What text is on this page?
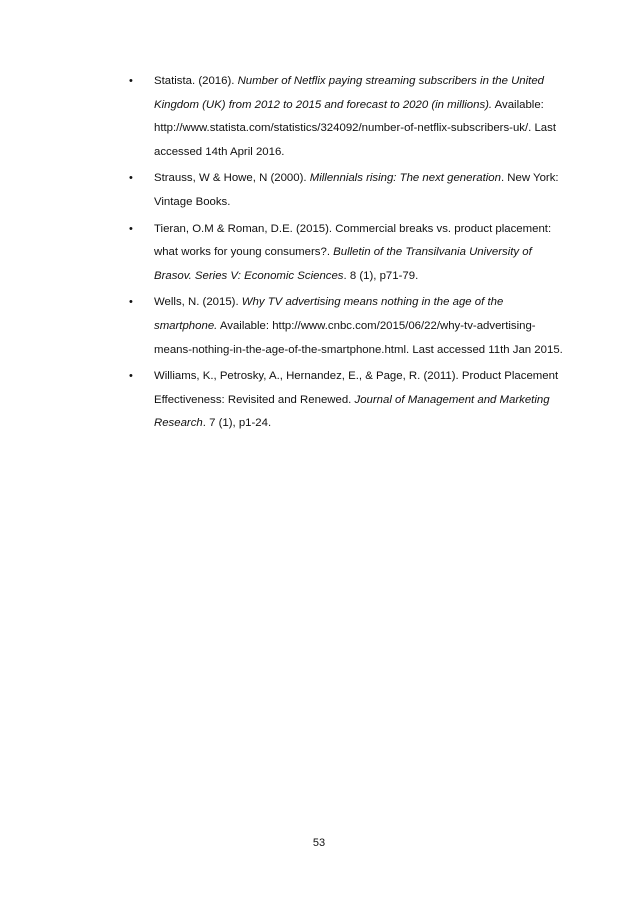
• Statista. (2016). Number of Netflix paying streaming subscribers in the United Kingdom (UK) from 2012 to 2015 and forecast to 2020 (in millions). Available: http://www.statista.com/statistics/324092/number-of-netflix-subscribers-uk/. Last accessed 14th April 2016.
• Strauss, W & Howe, N (2000). Millennials rising: The next generation. New York: Vintage Books.
• Tieran, O.M & Roman, D.E. (2015). Commercial breaks vs. product placement: what works for young consumers?. Bulletin of the Transilvania University of Brasov. Series V: Economic Sciences. 8 (1), p71-79.
• Wells, N. (2015). Why TV advertising means nothing in the age of the smartphone. Available: http://www.cnbc.com/2015/06/22/why-tv-advertising-means-nothing-in-the-age-of-the-smartphone.html. Last accessed 11th Jan 2015.
• Williams, K., Petrosky, A., Hernandez, E., & Page, R. (2011). Product Placement Effectiveness: Revisited and Renewed. Journal of Management and Marketing Research. 7 (1), p1-24.
53
